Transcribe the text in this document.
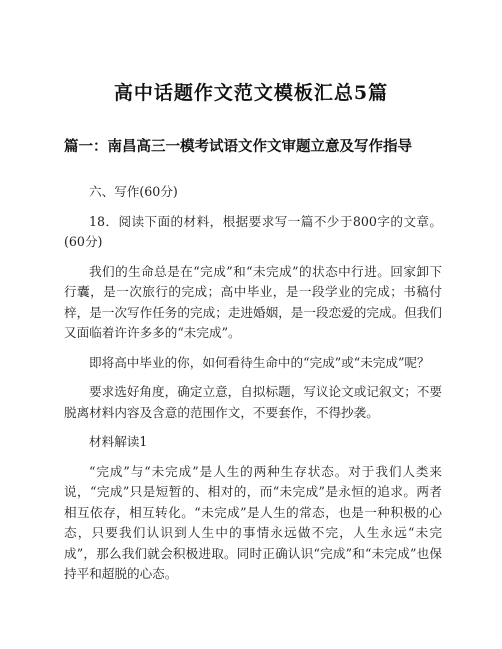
高中话题作文范文模板汇总5篇
篇一：南昌高三一模考试语文作文审题立意及写作指导

六、写作(60分)

18．阅读下面的材料，根据要求写一篇不少于800字的文章。(60分)

我们的生命总是在“完成”和“未完成”的状态中行进。回家卸下行囊，是一次旅行的完成；高中毕业，是一段学业的完成；书稿付梓，是一次写作任务的完成；走进婚姻，是一段恋爱的完成。但我们又面临着许许多多的“未完成”。

即将高中毕业的你，如何看待生命中的“完成”或“未完成”呢？

要求选好角度，确定立意，自拟标题，写议论文或记叙文；不要脱离材料内容及含意的范围作文，不要套作，不得抄袭。

材料解读1

“完成”与“未完成”是人生的两种生存状态。对于我们人类来说，“完成”只是短暂的、相对的，而“未完成”是永恒的追求。两者相互依存，相互转化。“未完成”是人生的常态，也是一种积极的心态，只要我们认识到人生中的事情永远做不完，人生永远“未完成”，那么我们就会积极进取。同时正确认识“完成”和“未完成”也保持平和超脱的心态。
